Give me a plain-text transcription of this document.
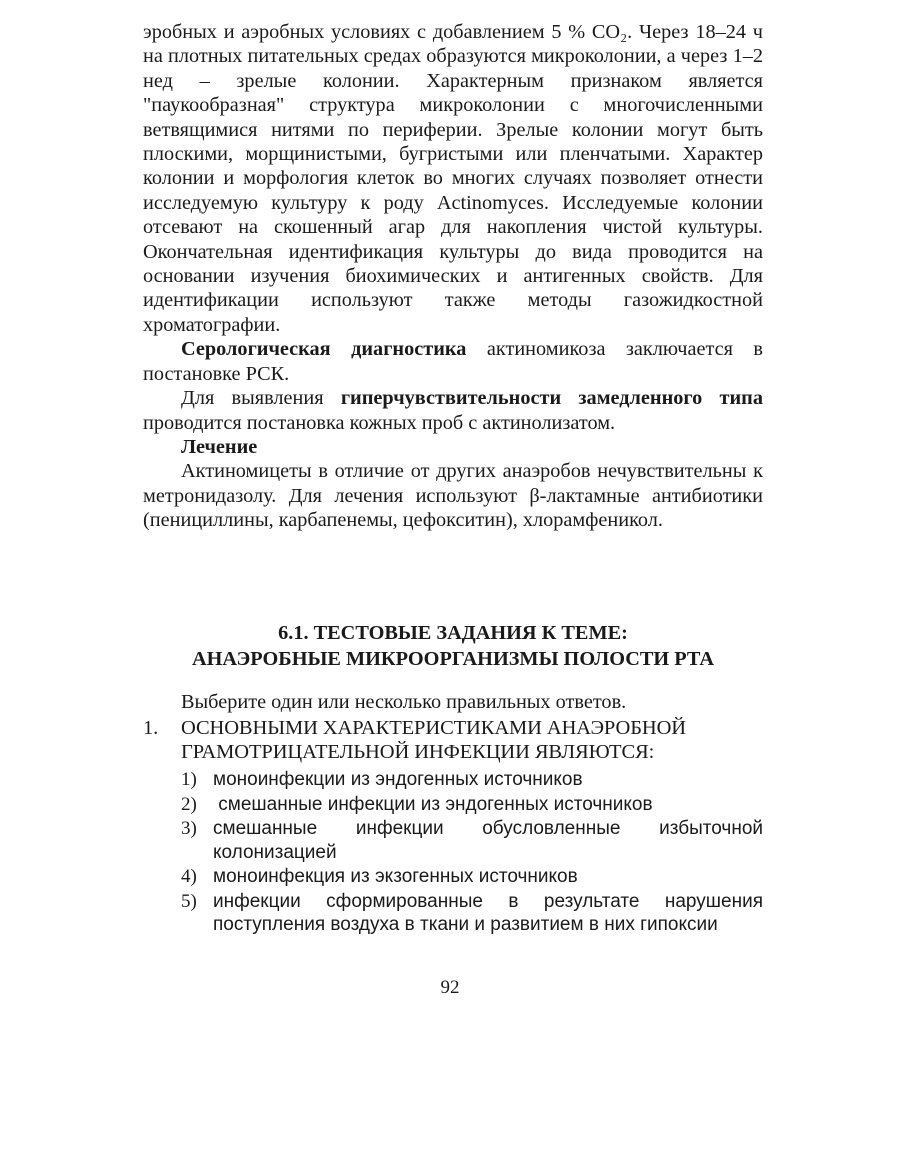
эробных и аэробных условиях с добавлением 5 % CO₂. Через 18–24 ч на плотных питательных средах образуются микроколонии, а через 1–2 нед – зрелые колонии. Характерным признаком является "паукообразная" структура микроколонии с многочисленными ветвящимися нитями по периферии. Зрелые колонии могут быть плоскими, морщинистыми, бугристыми или пленчатыми. Характер колонии и морфология клеток во многих случаях позволяет отнести исследуемую культуру к роду Actinomyces. Исследуемые колонии отсевают на скошенный агар для накопления чистой культуры. Окончательная идентификация культуры до вида проводится на основании изучения биохимических и антигенных свойств. Для идентификации используют также методы газожидкостной хроматографии.

Серологическая диагностика актиномикоза заключается в постановке РСК.

Для выявления гиперчувствительности замедленного типа проводится постановка кожных проб с актинолизатом.

Лечение

Актиномицеты в отличие от других анаэробов нечувствительны к метронидазолу. Для лечения используют β-лактамные антибиотики (пенициллины, карбапенемы, цефокситин), хлорамфеникол.

6.1. ТЕСТОВЫЕ ЗАДАНИЯ К ТЕМЕ:
АНАЭРОБНЫЕ МИКРООРГАНИЗМЫ ПОЛОСТИ РТА

Выберите один или несколько правильных ответов.

1.	ОСНОВНЫМИ ХАРАКТЕРИСТИКАМИ АНАЭРОБНОЙ ГРАМОТРИЦАТЕЛЬНОЙ ИНФЕКЦИИ ЯВЛЯЮТСЯ:
1) моноинфекции из эндогенных источников
2) смешанные инфекции из эндогенных источников
3) смешанные инфекции обусловленные избыточной колонизацией
4) моноинфекция из экзогенных источников
5) инфекции сформированные в результате нарушения поступления воздуха в ткани и развитием в них гипоксии
92
